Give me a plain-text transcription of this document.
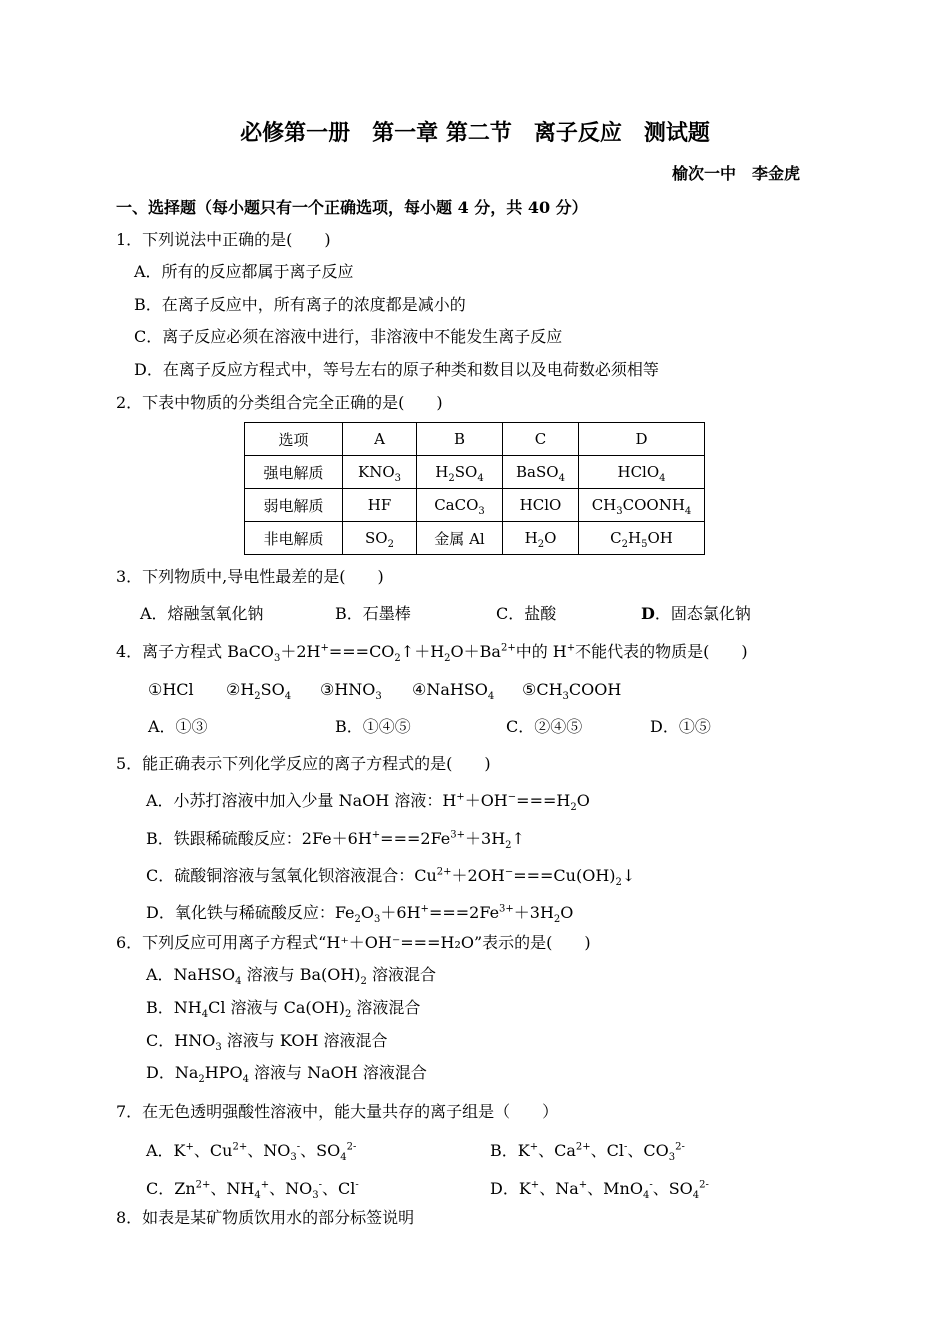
必修第一册　第一章 第二节　离子反应　测试题
榆次一中　李金虎
一、选择题（每小题只有一个正确选项，每小题 4 分，共 40 分）
1．下列说法中正确的是(　　)
A．所有的反应都属于离子反应
B．在离子反应中，所有离子的浓度都是减小的
C．离子反应必须在溶液中进行，非溶液中不能发生离子反应
D．在离子反应方程式中，等号左右的原子种类和数目以及电荷数必须相等
2．下表中物质的分类组合完全正确的是(　　)
选项	A	B	C	D
强电解质	$KNO_3$	$H_2SO_4$	BaSO$_4$	HClO$_4$
弱电解质	HF	CaCO$_3$	HClO	$CH_3COONH_4$
非电解质	$SO_2$	金属 Al	$H_2O$	$C_2H_5OH$
3．下列物质中,导电性最差的是(　　)
A．熔融氢氧化钠	B．石墨棒	C．盐酸	D．固态氯化钠
4．离子方程式 $BaCO_3+2H^+===CO_2↑+H_2O+Ba^{2+}$中的 H+不能代表的物质是(　　)
①HCl $②H_2SO_4$ $③HNO_3$ ④NaHSO$_4$ $⑤CH_3COOH$
A．①③	B．①④⑤	C．②④⑤	D．①⑤
5．能正确表示下列化学反应的离子方程式的是(　　)
A．小苏打溶液中加入少量 NaOH 溶液：$H^++OH^-===H_2O$
B．铁跟稀硫酸反应：$2Fe+6H^+===2Fe^{3+}+3H_2↑$
C．硫酸铜溶液与氢氧化钡溶液混合：$Cu^{2+}+2OH^-===Cu(OH)_2↓$
D．氧化铁与稀硫酸反应：$Fe_2O_3+6H^+===2Fe^{3+}+3H_2O$
6．下列反应可用离子方程式“H⁺＋OH⁻===H₂O”表示的是(　　)
A．NaHSO$_4$ 溶液与 $Ba(OH)_2$ 溶液混合
B．$NH_4Cl$ 溶液与 $Ca(OH)_2$ 溶液混合
C．$HNO_3$ 溶液与 KOH 溶液混合
D．$Na_2HPO_4$ 溶液与 NaOH 溶液混合
7．在无色透明强酸性溶液中，能大量共存的离子组是（　　）
A．K+、$Cu^{2+}$、$NO_3^-$、$SO_4^{2-}$	B．K+、$Ca^{2+}$、Cl-、$CO_3^{2-}$
C．$Zn^{2+}$、$NH_4^+$、$NO_3^-$、Cl-	D．K+、Na+、MnO$_4$-、$SO_4^{2-}$
8．如表是某矿物质饮用水的部分标签说明
